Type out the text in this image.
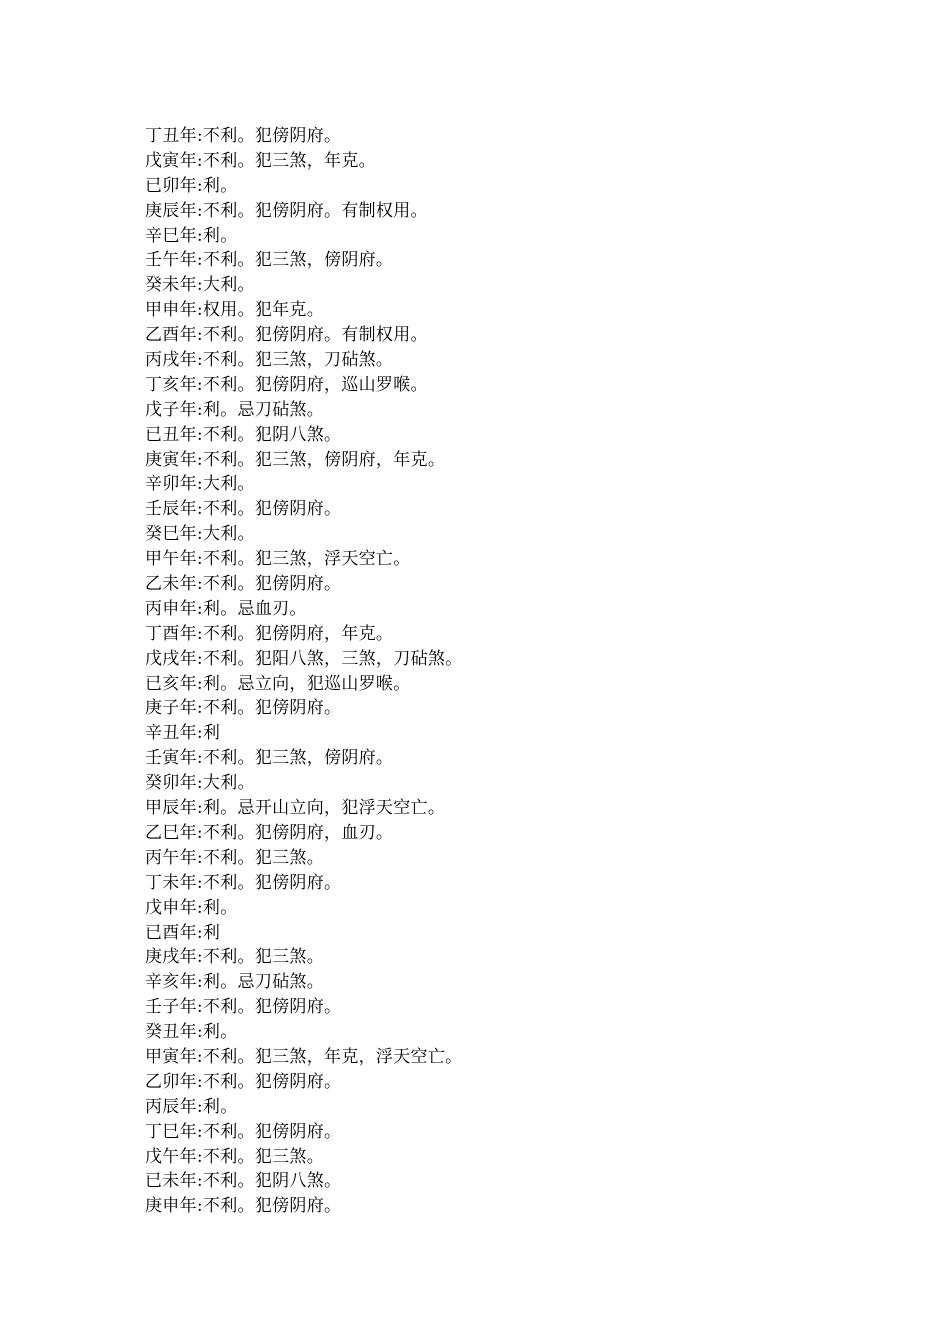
丁丑年:不利。犯傍阴府。
戊寅年:不利。犯三煞，年克。
已卯年:利。
庚辰年:不利。犯傍阴府。有制权用。
辛巳年:利。
壬午年:不利。犯三煞，傍阴府。
癸未年:大利。
甲申年:权用。犯年克。
乙酉年:不利。犯傍阴府。有制权用。
丙戌年:不利。犯三煞，刀砧煞。
丁亥年:不利。犯傍阴府，巡山罗喉。
戊子年:利。忌刀砧煞。
已丑年:不利。犯阴八煞。
庚寅年:不利。犯三煞，傍阴府，年克。
辛卯年:大利。
壬辰年:不利。犯傍阴府。
癸巳年:大利。
甲午年:不利。犯三煞，浮天空亡。
乙未年:不利。犯傍阴府。
丙申年:利。忌血刃。
丁酉年:不利。犯傍阴府，年克。
戊戌年:不利。犯阳八煞，三煞，刀砧煞。
已亥年:利。忌立向，犯巡山罗喉。
庚子年:不利。犯傍阴府。
辛丑年:利
壬寅年:不利。犯三煞，傍阴府。
癸卯年:大利。
甲辰年:利。忌开山立向，犯浮天空亡。
乙巳年:不利。犯傍阴府，血刃。
丙午年:不利。犯三煞。
丁未年:不利。犯傍阴府。
戊申年:利。
已酉年:利
庚戌年:不利。犯三煞。
辛亥年:利。忌刀砧煞。
壬子年:不利。犯傍阴府。
癸丑年:利。
甲寅年:不利。犯三煞，年克，浮天空亡。
乙卯年:不利。犯傍阴府。
丙辰年:利。
丁巳年:不利。犯傍阴府。
戊午年:不利。犯三煞。
已未年:不利。犯阴八煞。
庚申年:不利。犯傍阴府。
